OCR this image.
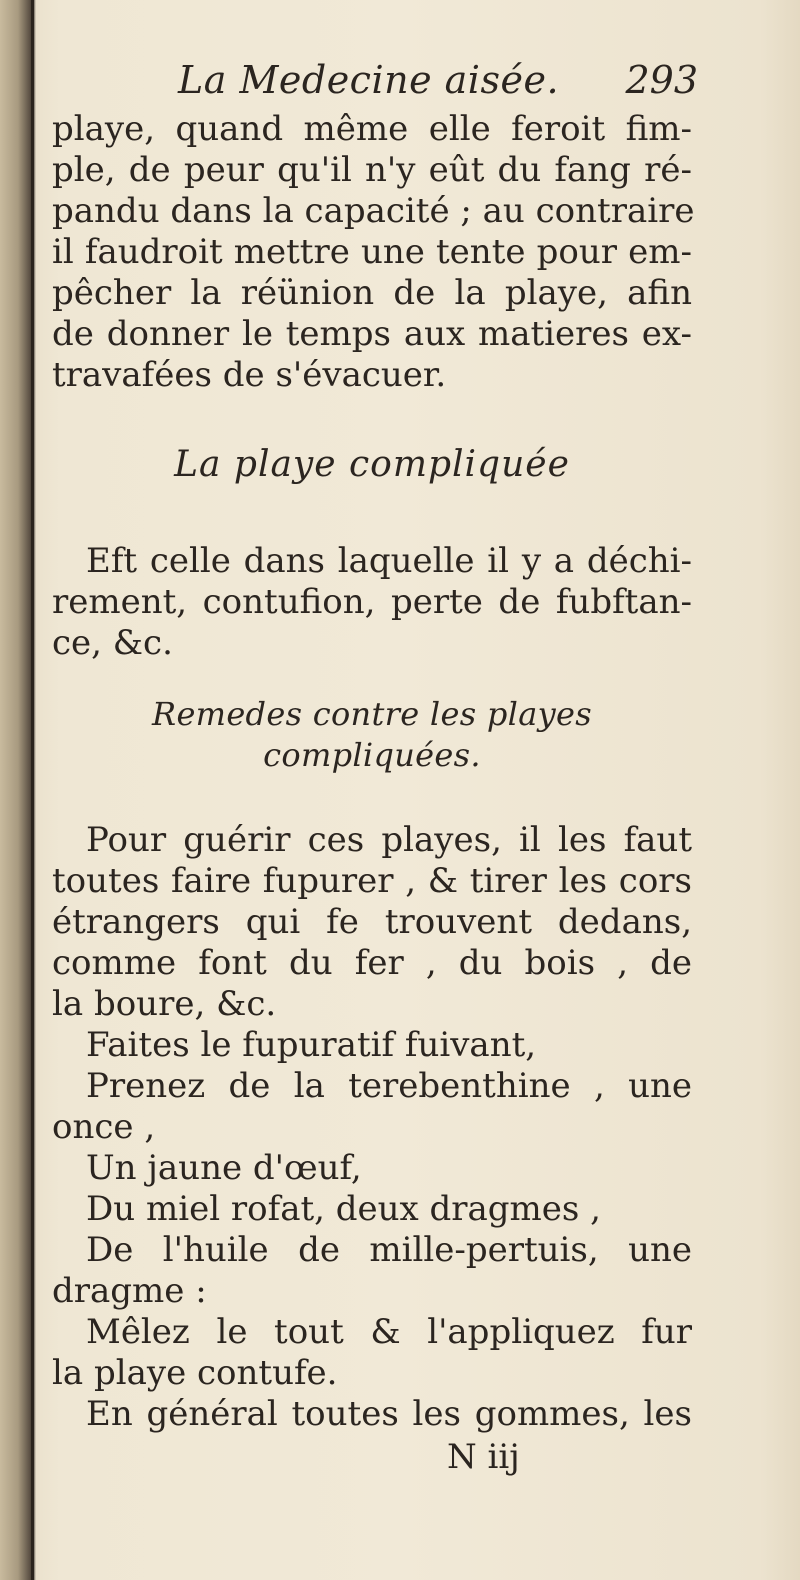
La Medecine aisée. 293
playe, quand même elle feroit fim-
ple, de peur qu'il n'y eût du fang ré-
pandu dans la capacité ; au contraire
il faudroit mettre une tente pour em-
pêcher la réünion de la playe, afin
de donner le temps aux matieres ex-
travafées de s'évacuer.
La playe compliquée
Eft celle dans laquelle il y a déchi-
rement, contufion, perte de fubftan-
ce, &c.
Remedes contre les playes compliquées.
Pour guérir ces playes, il les faut
toutes faire fupurer , & tirer les cors
étrangers qui fe trouvent dedans,
comme font du fer , du bois , de
la boure, &c.
Faites le fupuratif fuivant,
Prenez de la terebenthine , une
once ,
Un jaune d'œuf,
Du miel rofat, deux dragmes ,
De l'huile de mille-pertuis, une
dragme :
Mêlez le tout & l'appliquez fur
la playe contufe.
En général toutes les gommes, les
N iij
